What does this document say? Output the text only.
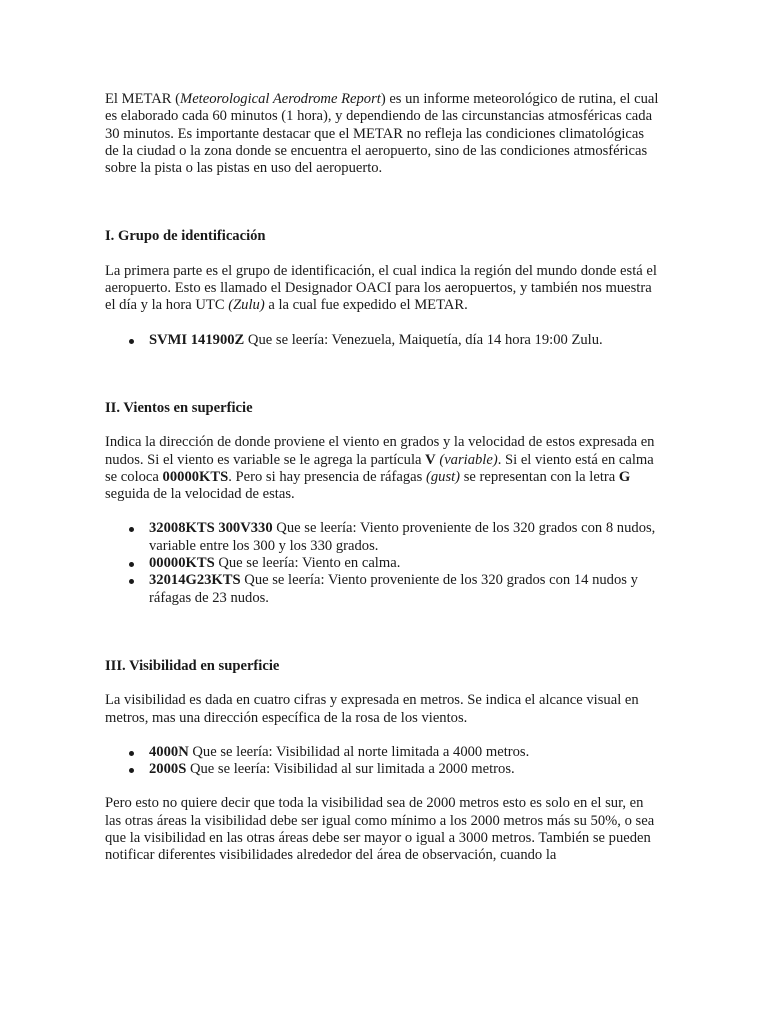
El METAR (Meteorological Aerodrome Report) es un informe meteorológico de rutina, el cual es elaborado cada 60 minutos (1 hora), y dependiendo de las circunstancias atmosféricas cada 30 minutos. Es importante destacar que el METAR no refleja las condiciones climatológicas de la ciudad o la zona donde se encuentra el aeropuerto, sino de las condiciones atmosféricas sobre la pista o las pistas en uso del aeropuerto.

I. Grupo de identificación

La primera parte es el grupo de identificación, el cual indica la región del mundo donde está el aeropuerto. Esto es llamado el Designador OACI para los aeropuertos, y también nos muestra el día y la hora UTC (Zulu) a la cual fue expedido el METAR.

SVMI 141900Z Que se leería: Venezuela, Maiquetía, día 14 hora 19:00 Zulu.

II. Vientos en superficie

Indica la dirección de donde proviene el viento en grados y la velocidad de estos expresada en nudos. Si el viento es variable se le agrega la partícula V (variable). Si el viento está en calma se coloca 00000KTS. Pero si hay presencia de ráfagas (gust) se representan con la letra G seguida de la velocidad de estas.

32008KTS 300V330 Que se leería: Viento proveniente de los 320 grados con 8 nudos, variable entre los 300 y los 330 grados.
00000KTS Que se leería: Viento en calma.
32014G23KTS Que se leería: Viento proveniente de los 320 grados con 14 nudos y ráfagas de 23 nudos.

III. Visibilidad en superficie

La visibilidad es dada en cuatro cifras y expresada en metros. Se indica el alcance visual en metros, mas una dirección específica de la rosa de los vientos.

4000N Que se leería: Visibilidad al norte limitada a 4000 metros.
2000S Que se leería: Visibilidad al sur limitada a 2000 metros.

Pero esto no quiere decir que toda la visibilidad sea de 2000 metros esto es solo en el sur, en las otras áreas la visibilidad debe ser igual como mínimo a los 2000 metros más su 50%, o sea que la visibilidad en las otras áreas debe ser mayor o igual a 3000 metros. También se pueden notificar diferentes visibilidades alrededor del área de observación, cuando la
